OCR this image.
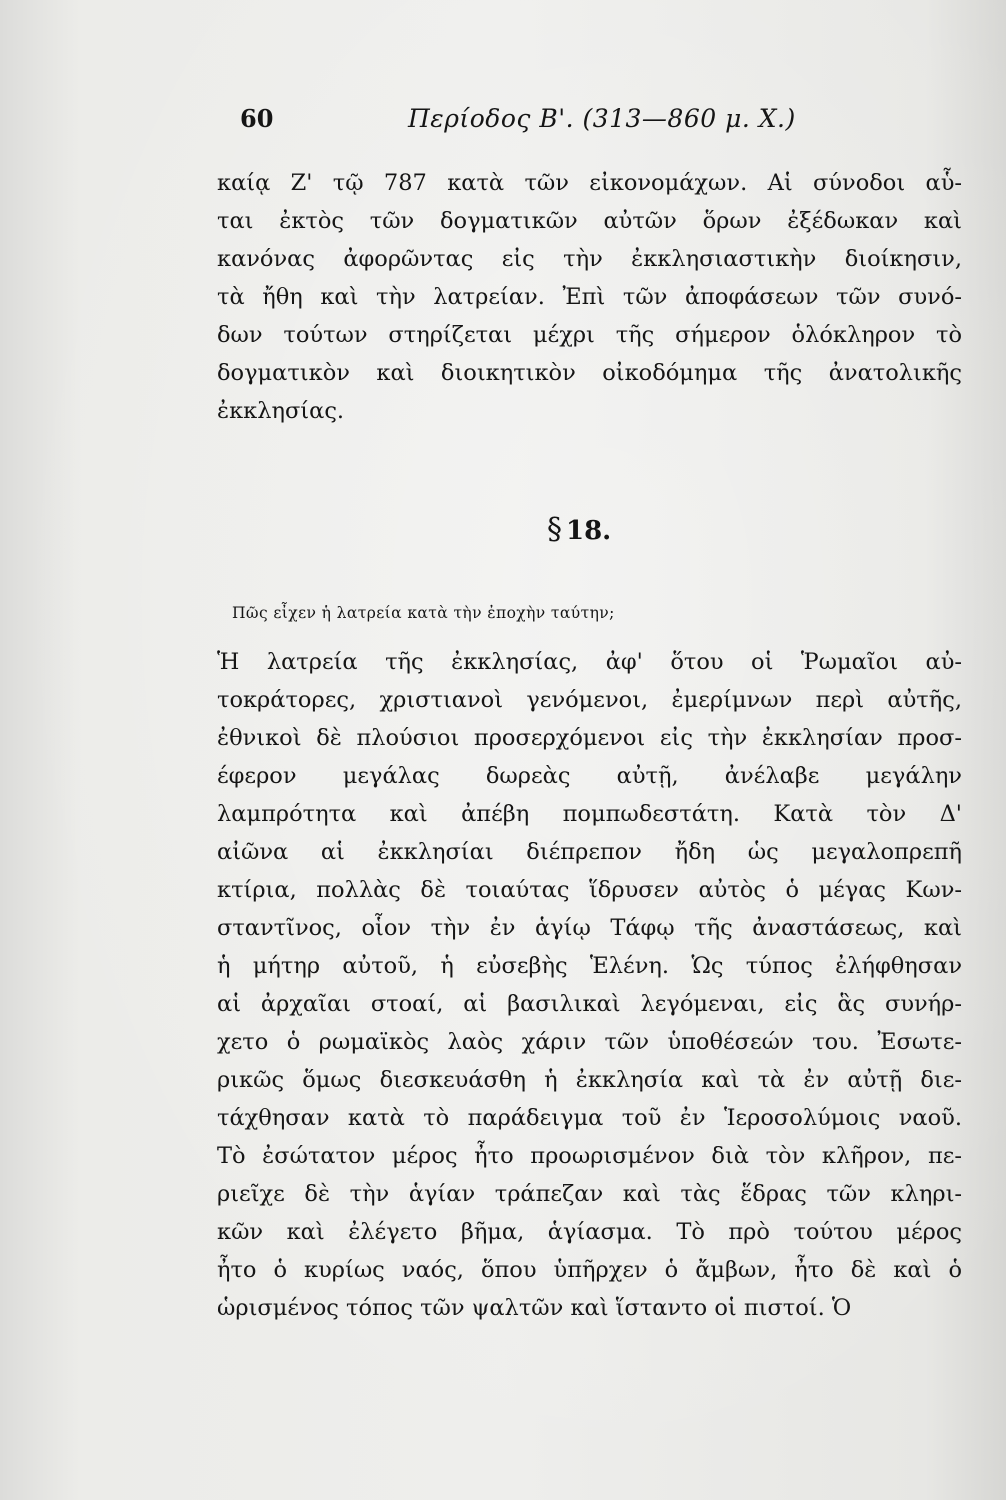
60	Περίοδος Β'. (313—860 μ. Χ.)
καίᾳ Ζ' τῷ 787 κατὰ τῶν εἰκονομάχων. Αἱ σύνοδοι αὗ-
ται ἐκτὸς τῶν δογματικῶν αὐτῶν ὅρων ἐξέδωκαν καὶ
κανόνας ἀφορῶντας εἰς τὴν ἐκκλησιαστικὴν διοίκησιν,
τὰ ἤθη καὶ τὴν λατρείαν. Ἐπὶ τῶν ἀποφάσεων τῶν συνό-
δων τούτων στηρίζεται μέχρι τῆς σήμερον ὁλόκληρον τὸ
δογματικὸν καὶ διοικητικὸν οἰκοδόμημα τῆς ἀνατολικῆς
ἐκκλησίας.
§ 18.
Πῶς εἶχεν ἡ λατρεία κατὰ τὴν ἐποχὴν ταύτην;
Ἡ λατρεία τῆς ἐκκλησίας, ἀφ' ὅτου οἱ Ῥωμαῖοι αὐ-
τοκράτορες, χριστιανοὶ γενόμενοι, ἐμερίμνων περὶ αὐτῆς,
ἐθνικοὶ δὲ πλούσιοι προσερχόμενοι εἰς τὴν ἐκκλησίαν προσ-
έφερον μεγάλας δωρεὰς αὐτῇ, ἀνέλαβε μεγάλην
λαμπρότητα καὶ ἀπέβη πομπωδεστάτη. Κατὰ τὸν Δ'
αἰῶνα αἱ ἐκκλησίαι διέπρεπον ἤδη ὡς μεγαλοπρεπῆ
κτίρια, πολλὰς δὲ τοιαύτας ἵδρυσεν αὐτὸς ὁ μέγας Κων-
σταντῖνος, οἷον τὴν ἐν ἁγίῳ Τάφῳ τῆς ἀναστάσεως, καὶ
ἡ μήτηρ αὐτοῦ, ἡ εὐσεβὴς Ἑλένη. Ὡς τύπος ἐλήφθησαν
αἱ ἀρχαῖαι στοαί, αἱ βασιλικαὶ λεγόμεναι, εἰς ἃς συνήρ-
χετο ὁ ρωμαϊκὸς λαὸς χάριν τῶν ὑποθέσεών του. Ἐσωτε-
ρικῶς ὅμως διεσκευάσθη ἡ ἐκκλησία καὶ τὰ ἐν αὐτῇ διε-
τάχθησαν κατὰ τὸ παράδειγμα τοῦ ἐν Ἱεροσολύμοις ναοῦ.
Τὸ ἐσώτατον μέρος ἦτο προωρισμένον διὰ τὸν κλῆρον, πε-
ριεῖχε δὲ τὴν ἁγίαν τράπεζαν καὶ τὰς ἕδρας τῶν κληρι-
κῶν καὶ ἐλέγετο βῆμα, ἁγίασμα. Τὸ πρὸ τούτου μέρος
ἦτο ὁ κυρίως ναός, ὅπου ὑπῆρχεν ὁ ἄμβων, ἦτο δὲ καὶ ὁ
ὡρισμένος τόπος τῶν ψαλτῶν καὶ ἵσταντο οἱ πιστοί. Ὁ
